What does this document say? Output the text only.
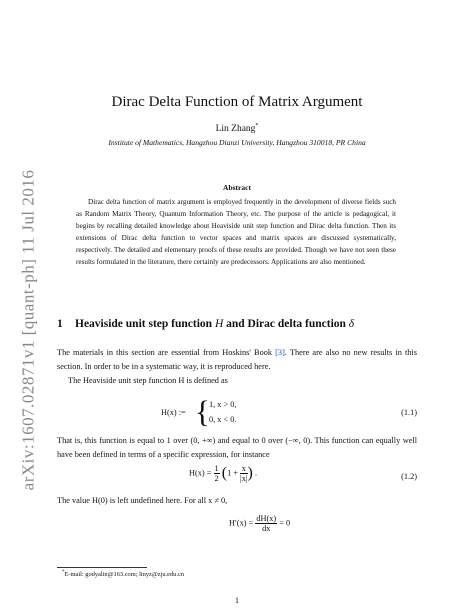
arXiv:1607.02871v1 [quant-ph] 11 Jul 2016
Dirac Delta Function of Matrix Argument
Lin Zhang*
Institute of Mathematics, Hangzhou Dianzi University, Hangzhou 310018, PR China
Abstract
Dirac delta function of matrix argument is employed frequently in the development of diverse fields such as Random Matrix Theory, Quantum Information Theory, etc. The purpose of the article is pedagogical, it begins by recalling detailed knowledge about Heaviside unit step function and Dirac delta function. Then its extensions of Dirac delta function to vector spaces and matrix spaces are discussed systematically, respectively. The detailed and elementary proofs of these results are provided. Though we have not seen these results formulated in the literature, there certainly are predecessors. Applications are also mentioned.
1 Heaviside unit step function H and Dirac delta function δ
The materials in this section are essential from Hoskins' Book [3]. There are also no new results in this section. In order to be in a systematic way, it is reproduced here.
The Heaviside unit step function H is defined as
H(x) := { 1, x > 0,
0, x < 0.
(1.1)
That is, this function is equal to 1 over (0, +∞) and equal to 0 over (−∞, 0). This function can equally well have been defined in terms of a specific expression, for instance
$H(x) = \frac{1}{2} (1 + \frac{x}{|x|}$ ) .	(1.2)
The value H(0) is left undefined here. For all x ≠ 0,
$H'(x) = \frac{dH(x)}{dx} = 0$
*E-mail: godyalin@163.com; linyz@zju.edu.cn
1
